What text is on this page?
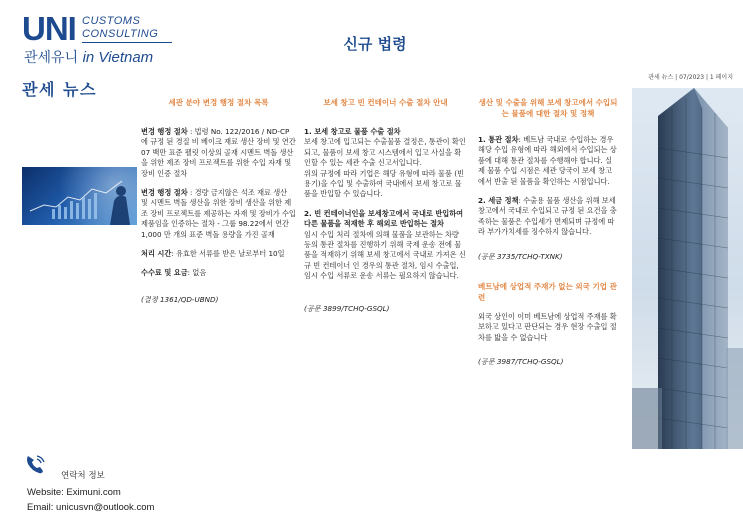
UNI CUSTOMS
CONSULTING
관세유니 in Vietnam
신규 법령
관세 뉴스 | 07/2023 | 1 페이지
관세 뉴스
세관 분야 변경 행정 절차 목록
변경 행정 절차 : 법령 No. 122/2016 / ND-CP에 규정 된 경질 비 베이크 재료 생산 장비 및 연간 07 백만 표준 펠릿 이상의 골재 시멘트 벽돌 생산을 위한 제조 장비 프로젝트를 위한 수입 자재 및 장비 인증 절차
변경 행정 절차 : 경량 금지않은 석조 재료 생산 및 시멘트 벽돌 생산을 위한 장비 생산을 위한 제조 장비 프로젝트를 제공하는 자재 및 장비가 수입 제품임을 인증하는 절차 - 그룹 98.22에서 연간 1,000 만 개의 표준 벽돌 용량을 가진 골재
처리 시간: 유효한 서류를 받은 날로부터 10일
수수료 및 요금: 없음
(결정 1361/QD-UBND)
보세 창고 빈 컨테이너 수출 절차 안내
1. 보세 창고로 물품 수출 절차
보세 창고에 입고되는 수출물품 결정은, 통관이 확인되고, 물품이 보세 창고 시스템에서 입고 사실을 확인할 수 있는 세관 수출 신고서입니다.
위의 규정에 따라 기업은 해당 유형에 따라 물품 (빈 용기)을 수입 및 수출하여 국내에서 보세 창고로 물품을 반입할 수 있습니다.
2. 빈 컨테이너인을 보세창고에서 국내로 반입하여 다른 물품을 적재한 후 해외로 반입하는 절차
임시 수입 처리 절차에 의해 물품을 보관하는 차량 등의 통관 절차를 진행하기 위해 국제 운송 전에 물품을 적재하기 위해 보세 창고에서 국내로 가져온 신규 빈 컨테이너 인 경우의 통관 절차, 임시 수출입, 임시 수입 서류로 운송 서류는 필요하지 않습니다.
(공문 3899/TCHQ-GSQL)
생산 및 수출을 위해 보세 창고에서 수입되는 물품에 대한 절차 및 정책
1. 통관 절차: 베트남 국내로 수입하는 경우 해당 수입 유형에 따라 해외에서 수입되는 상품에 대해 통관 절차를 수행해야 합니다. 실제 물품 수입 시점은 세관 당국이 보세 창고에서 반출 된 물품을 확인하는 시점입니다.
2. 세금 정책: 수출용 물품 생산을 위해 보세 창고에서 국내로 수입되고 규정 된 요건을 충족하는 물품은 수입세가 면제되며 규정에 따라 부가가치세를 징수하지 않습니다.
(공문 3735/TCHQ-TXNK)
베트남에 상업적 주재가 없는 외국 기업 관련
외국 상인이 이미 베트남에 상업적 주재를 확보하고 있다고 판단되는 경우 현장 수출입 절차를 밟을 수 없습니다
(공문 3987/TCHQ-GSQL)
연락처 정보
Website: Eximuni.com
Email: unicusvn@outlook.com
